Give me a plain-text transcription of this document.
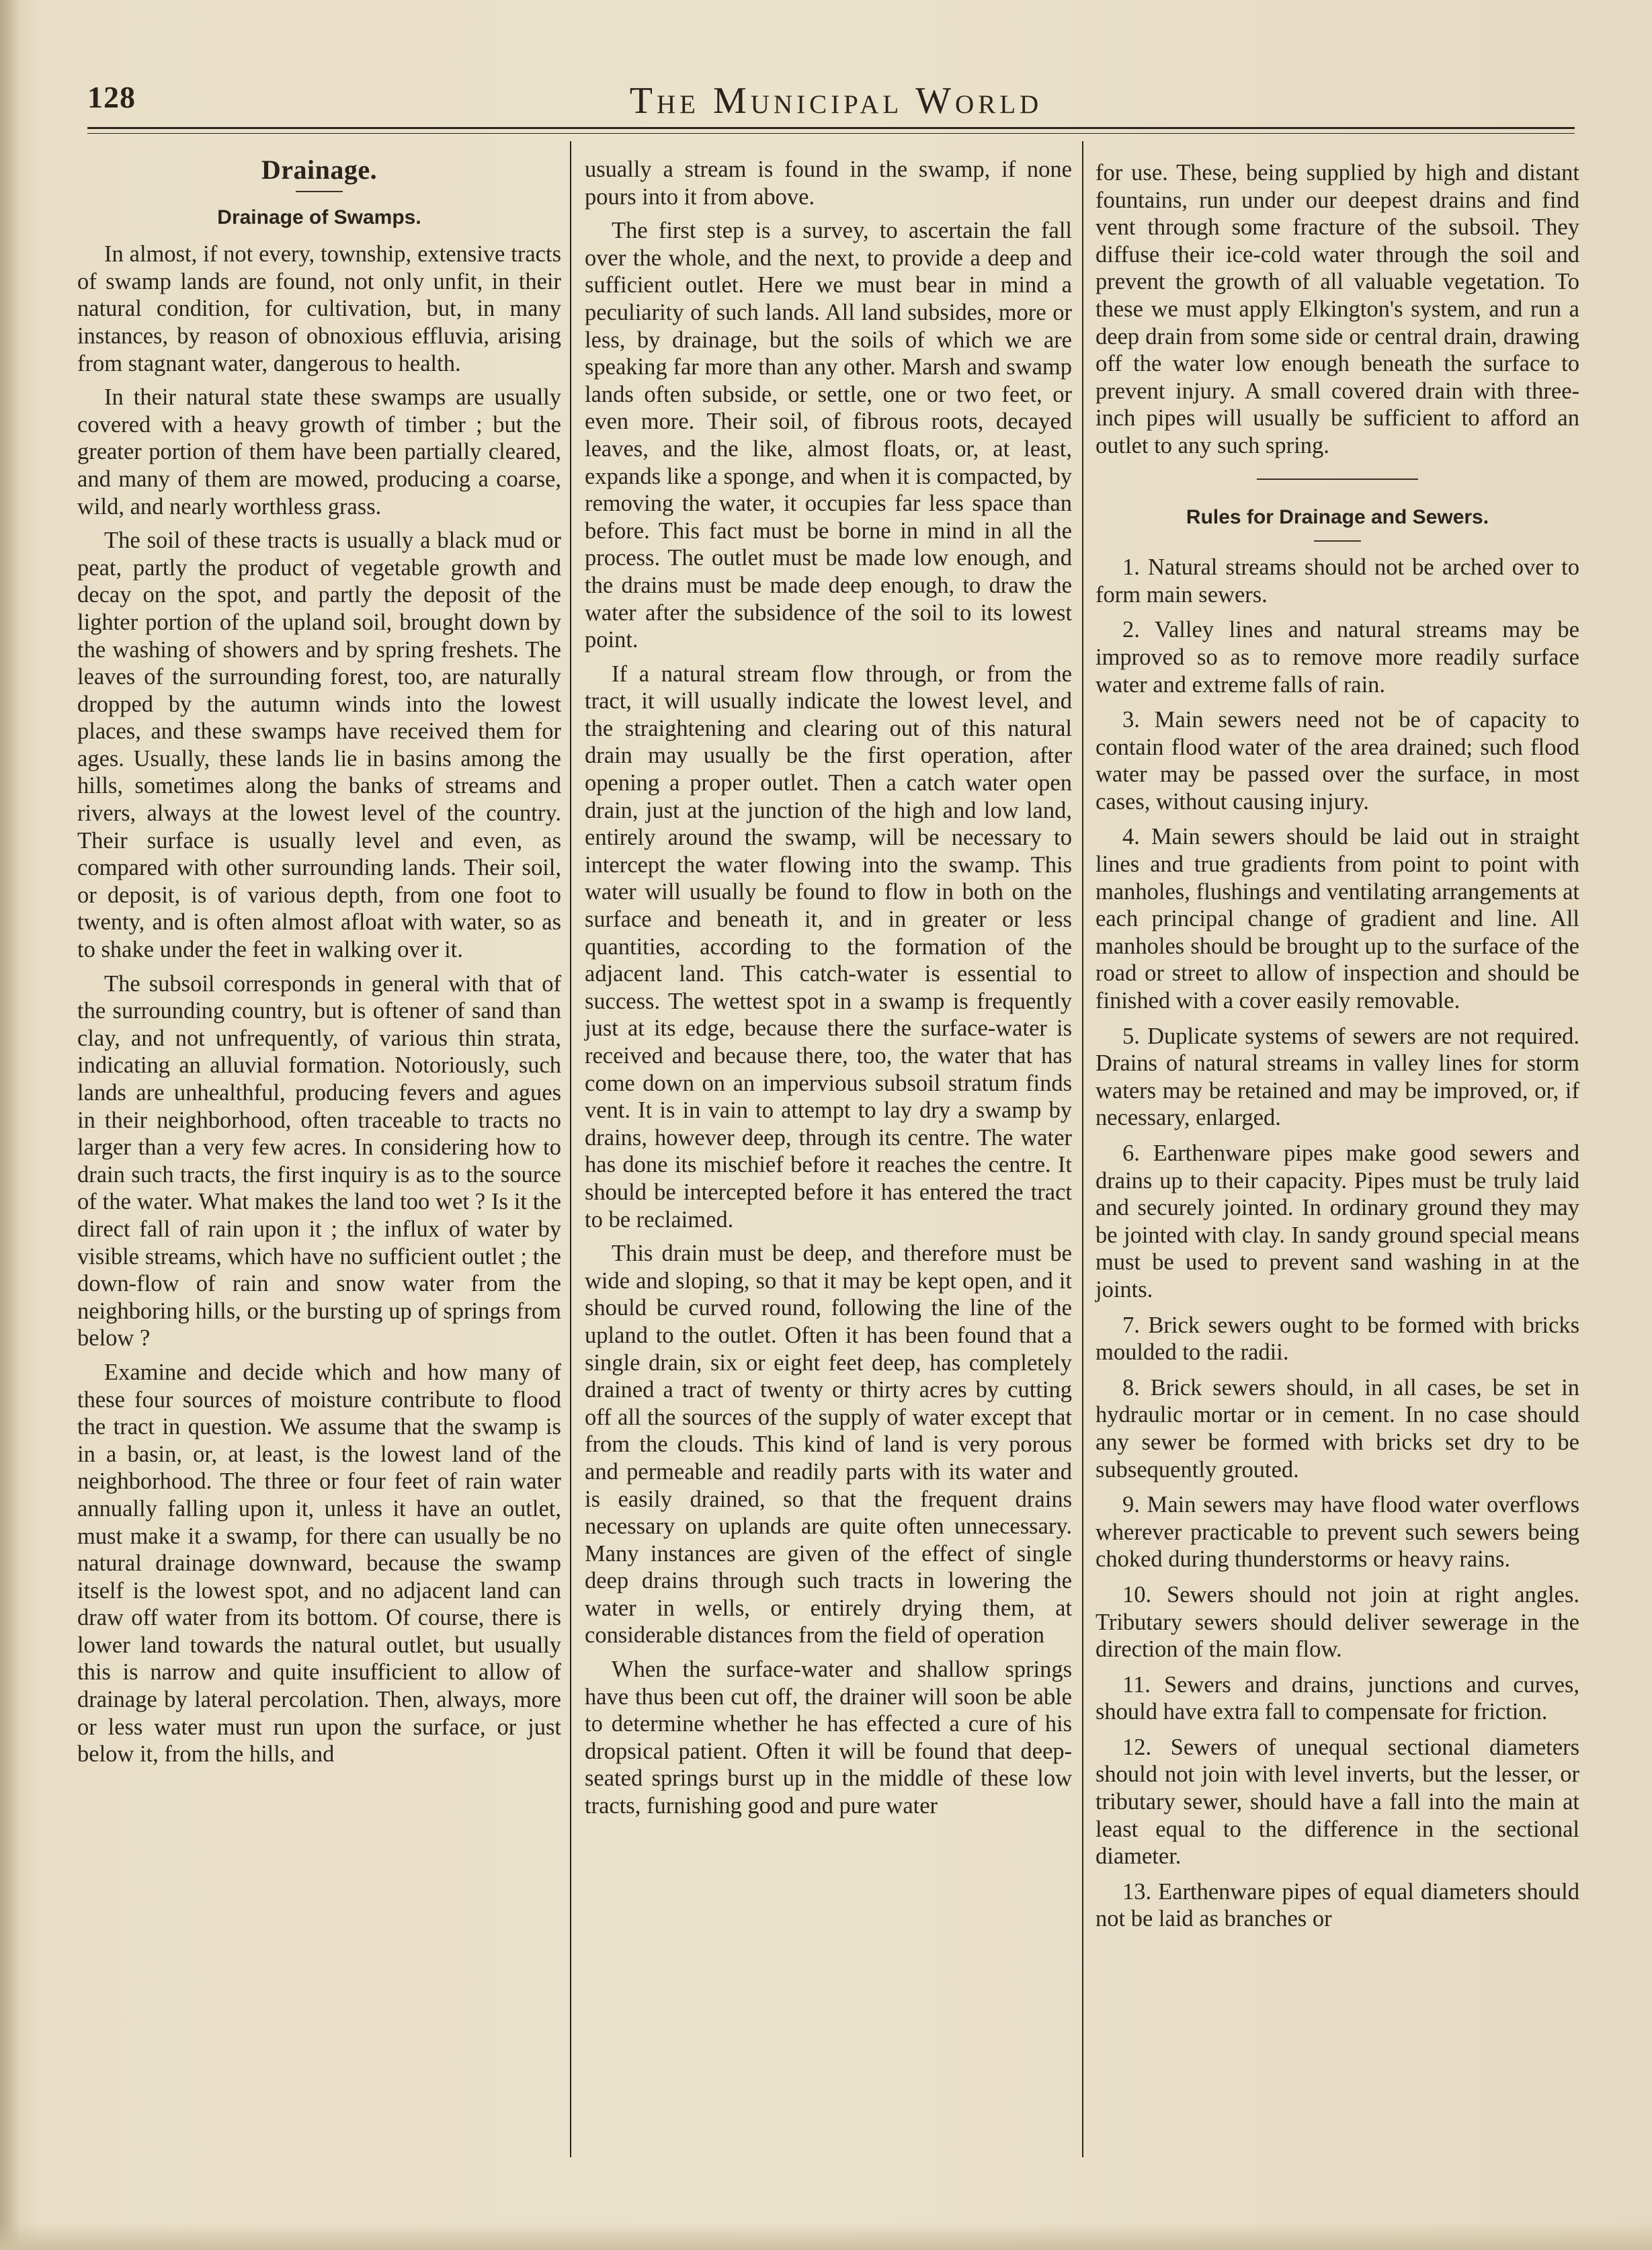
128	The Municipal World
Drainage.
Drainage of Swamps.

In almost, if not every, township, extensive tracts of swamp lands are found, not only unfit, in their natural condition, for cultivation, but, in many instances, by reason of obnoxious effluvia, arising from stagnant water, dangerous to health.

In their natural state these swamps are usually covered with a heavy growth of timber ; but the greater portion of them have been partially cleared, and many of them are mowed, producing a coarse, wild, and nearly worthless grass.

The soil of these tracts is usually a black mud or peat, partly the product of vegetable growth and decay on the spot, and partly the deposit of the lighter portion of the upland soil, brought down by the washing of showers and by spring freshets. The leaves of the surrounding forest, too, are naturally dropped by the autumn winds into the lowest places, and these swamps have received them for ages. Usually, these lands lie in basins among the hills, sometimes along the banks of streams and rivers, always at the lowest level of the country. Their surface is usually level and even, as compared with other surrounding lands. Their soil, or deposit, is of various depth, from one foot to twenty, and is often almost afloat with water, so as to shake under the feet in walking over it.

The subsoil corresponds in general with that of the surrounding country, but is oftener of sand than clay, and not unfrequently, of various thin strata, indicating an alluvial formation. Notoriously, such lands are unhealthful, producing fevers and agues in their neighborhood, often traceable to tracts no larger than a very few acres. In considering how to drain such tracts, the first inquiry is as to the source of the water. What makes the land too wet ? Is it the direct fall of rain upon it ; the influx of water by visible streams, which have no sufficient outlet ; the down-flow of rain and snow water from the neighboring hills, or the bursting up of springs from below ?

Examine and decide which and how many of these four sources of moisture contribute to flood the tract in question. We assume that the swamp is in a basin, or, at least, is the lowest land of the neighborhood. The three or four feet of rain water annually falling upon it, unless it have an outlet, must make it a swamp, for there can usually be no natural drainage downward, because the swamp itself is the lowest spot, and no adjacent land can draw off water from its bottom. Of course, there is lower land towards the natural outlet, but usually this is narrow and quite insufficient to allow of drainage by lateral percolation. Then, always, more or less water must run upon the surface, or just below it, from the hills, and

usually a stream is found in the swamp, if none pours into it from above.

The first step is a survey, to ascertain the fall over the whole, and the next, to provide a deep and sufficient outlet. Here we must bear in mind a peculiarity of such lands. All land subsides, more or less, by drainage, but the soils of which we are speaking far more than any other. Marsh and swamp lands often subside, or settle, one or two feet, or even more. Their soil, of fibrous roots, decayed leaves, and the like, almost floats, or, at least, expands like a sponge, and when it is compacted, by removing the water, it occupies far less space than before. This fact must be borne in mind in all the process. The outlet must be made low enough, and the drains must be made deep enough, to draw the water after the subsidence of the soil to its lowest point.

If a natural stream flow through, or from the tract, it will usually indicate the lowest level, and the straightening and clearing out of this natural drain may usually be the first operation, after opening a proper outlet. Then a catch water open drain, just at the junction of the high and low land, entirely around the swamp, will be necessary to intercept the water flowing into the swamp. This water will usually be found to flow in both on the surface and beneath it, and in greater or less quantities, according to the formation of the adjacent land. This catch-water is essential to success. The wettest spot in a swamp is frequently just at its edge, because there the surface-water is received and because there, too, the water that has come down on an impervious subsoil stratum finds vent. It is in vain to attempt to lay dry a swamp by drains, however deep, through its centre. The water has done its mischief before it reaches the centre. It should be intercepted before it has entered the tract to be reclaimed.

This drain must be deep, and therefore must be wide and sloping, so that it may be kept open, and it should be curved round, following the line of the upland to the outlet. Often it has been found that a single drain, six or eight feet deep, has completely drained a tract of twenty or thirty acres by cutting off all the sources of the supply of water except that from the clouds. This kind of land is very porous and permeable and readily parts with its water and is easily drained, so that the frequent drains necessary on uplands are quite often unnecessary. Many instances are given of the effect of single deep drains through such tracts in lowering the water in wells, or entirely drying them, at considerable distances from the field of operation

When the surface-water and shallow springs have thus been cut off, the drainer will soon be able to determine whether he has effected a cure of his dropsical patient. Often it will be found that deep-seated springs burst up in the middle of these low tracts, furnishing good and pure water

for use. These, being supplied by high and distant fountains, run under our deepest drains and find vent through some fracture of the subsoil. They diffuse their ice-cold water through the soil and prevent the growth of all valuable vegetation. To these we must apply Elkington's system, and run a deep drain from some side or central drain, drawing off the water low enough beneath the surface to prevent injury. A small covered drain with three-inch pipes will usually be sufficient to afford an outlet to any such spring.

Rules for Drainage and Sewers.

1. Natural streams should not be arched over to form main sewers.

2. Valley lines and natural streams may be improved so as to remove more readily surface water and extreme falls of rain.

3. Main sewers need not be of capacity to contain flood water of the area drained; such flood water may be passed over the surface, in most cases, without causing injury.

4. Main sewers should be laid out in straight lines and true gradients from point to point with manholes, flushings and ventilating arrangements at each principal change of gradient and line. All manholes should be brought up to the surface of the road or street to allow of inspection and should be finished with a cover easily removable.

5. Duplicate systems of sewers are not required. Drains of natural streams in valley lines for storm waters may be retained and may be improved, or, if necessary, enlarged.

6. Earthenware pipes make good sewers and drains up to their capacity. Pipes must be truly laid and securely jointed. In ordinary ground they may be jointed with clay. In sandy ground special means must be used to prevent sand washing in at the joints.

7. Brick sewers ought to be formed with bricks moulded to the radii.

8. Brick sewers should, in all cases, be set in hydraulic mortar or in cement. In no case should any sewer be formed with bricks set dry to be subsequently grouted.

9. Main sewers may have flood water overflows wherever practicable to prevent such sewers being choked during thunderstorms or heavy rains.

10. Sewers should not join at right angles. Tributary sewers should deliver sewerage in the direction of the main flow.

11. Sewers and drains, junctions and curves, should have extra fall to compensate for friction.

12. Sewers of unequal sectional diameters should not join with level inverts, but the lesser, or tributary sewer, should have a fall into the main at least equal to the difference in the sectional diameter.

13. Earthenware pipes of equal diameters should not be laid as branches or
